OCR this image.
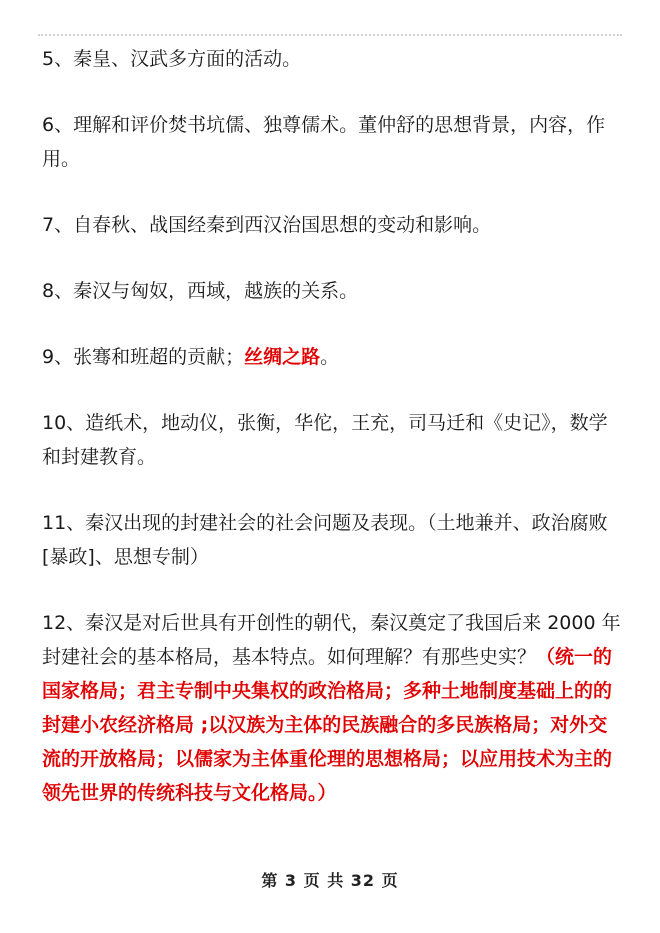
5、秦皇、汉武多方面的活动。

6、理解和评价焚书坑儒、独尊儒术。董仲舒的思想背景，内容，作用。

7、自春秋、战国经秦到西汉治国思想的变动和影响。

8、秦汉与匈奴，西域，越族的关系。

9、张骞和班超的贡献；丝绸之路。

10、造纸术，地动仪，张衡，华佗，王充，司马迁和《史记》，数学和封建教育。

11、秦汉出现的封建社会的社会问题及表现。（土地兼并、政治腐败[暴政]、思想专制）

12、秦汉是对后世具有开创性的朝代，秦汉奠定了我国后来 2000 年封建社会的基本格局，基本特点。如何理解？有那些史实？（统一的国家格局；君主专制中央集权的政治格局；多种土地制度基础上的的封建小农经济格局 ;以汉族为主体的民族融合的多民族格局；对外交流的开放格局；以儒家为主体重伦理的思想格局；以应用技术为主的领先世界的传统科技与文化格局。）

第 3 页 共 32 页
